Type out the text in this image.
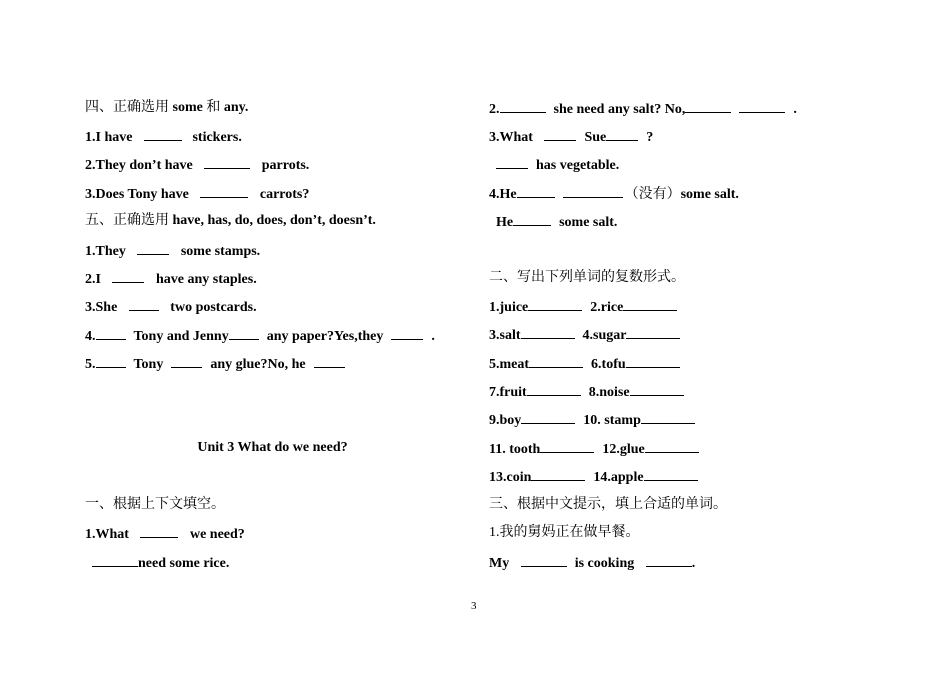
四、正确选用 some 和 any.
1.I have	stickers.
2.They don’t have	parrots.
3.Does Tony have	carrots?
五、正确选用 have, has, do, does, don’t, doesn’t.
1.They	some stamps.
2.I	have any staples.
3.She	two postcards.
4.	Tony and Jenny	any paper?Yes,they	.
5.	Tony	any glue?No, he
Unit 3 What do we need?
一、根据上下文填空。
1.What	we need?
need some rice.
2.	she need any salt? No,	.
3.What	Sue	?
has vegetable.
4.He	（没有）some salt.
He	some salt.
二、写出下列单词的复数形式。
1.juice	2.rice
3.salt	4.sugar
5.meat	6.tofu
7.fruit	8.noise
9.boy	10. stamp
11. tooth	12.glue
13.coin	14.apple
三、根据中文提示，填上合适的单词。
1.我的舅妈正在做早餐。
My	is cooking	.
3
